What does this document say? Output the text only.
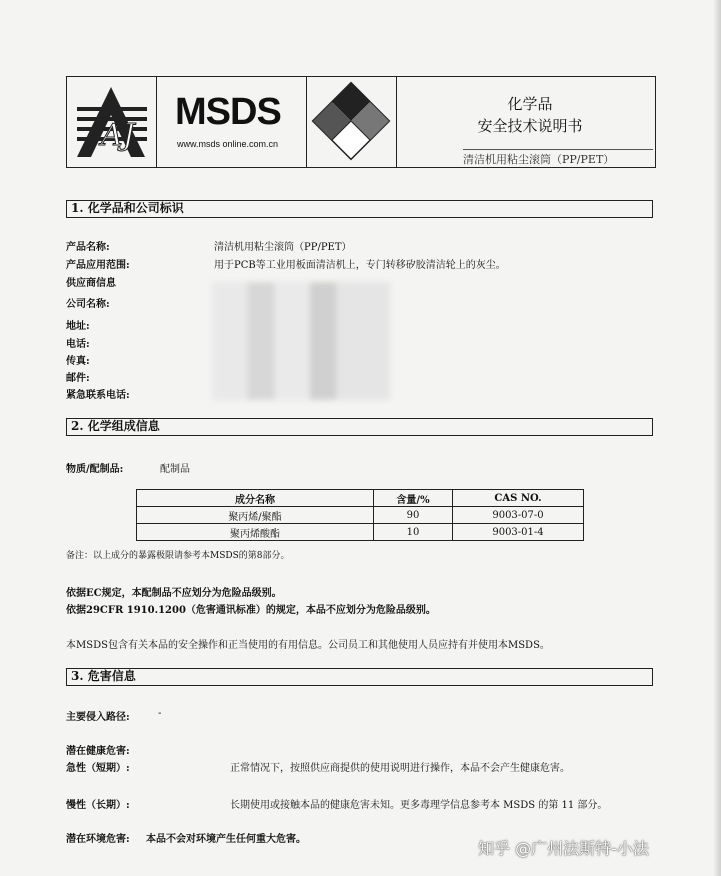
AJ
MSDS
www.msds online.com.cn
化学品
安全技术说明书
清洁机用粘尘滚筒（PP/PET）
1. 化学品和公司标识
产品名称:	清洁机用粘尘滚筒（PP/PET）
产品应用范围:	用于PCB等工业用板面清洁机上，专门转移矽胶清洁轮上的灰尘。
供应商信息
公司名称:
地址:
电话:
传真:
邮件:
紧急联系电话:
2. 化学组成信息
物质/配制品:	配制品
成分名称	含量/%	CAS NO.
聚丙烯/聚酯	90	9003-07-0
聚丙烯酸酯	10	9003-01-4
备注：以上成分的暴露极限请参考本MSDS的第8部分。
依据EC规定，本配制品不应划分为危险品级别。
依据29CFR 1910.1200（危害通讯标准）的规定，本品不应划分为危险品级别。
本MSDS包含有关本品的安全操作和正当使用的有用信息。公司员工和其他使用人员应持有并使用本MSDS。
3. 危害信息
主要侵入路径:	-
潜在健康危害:
急性（短期）:	正常情况下，按照供应商提供的使用说明进行操作，本品不会产生健康危害。
慢性（长期）:	长期使用或接触本品的健康危害未知。更多毒理学信息参考本 MSDS 的第 11 部分。
潜在环境危害: 本品不会对环境产生任何重大危害。	知乎 @广州法斯特-小法
